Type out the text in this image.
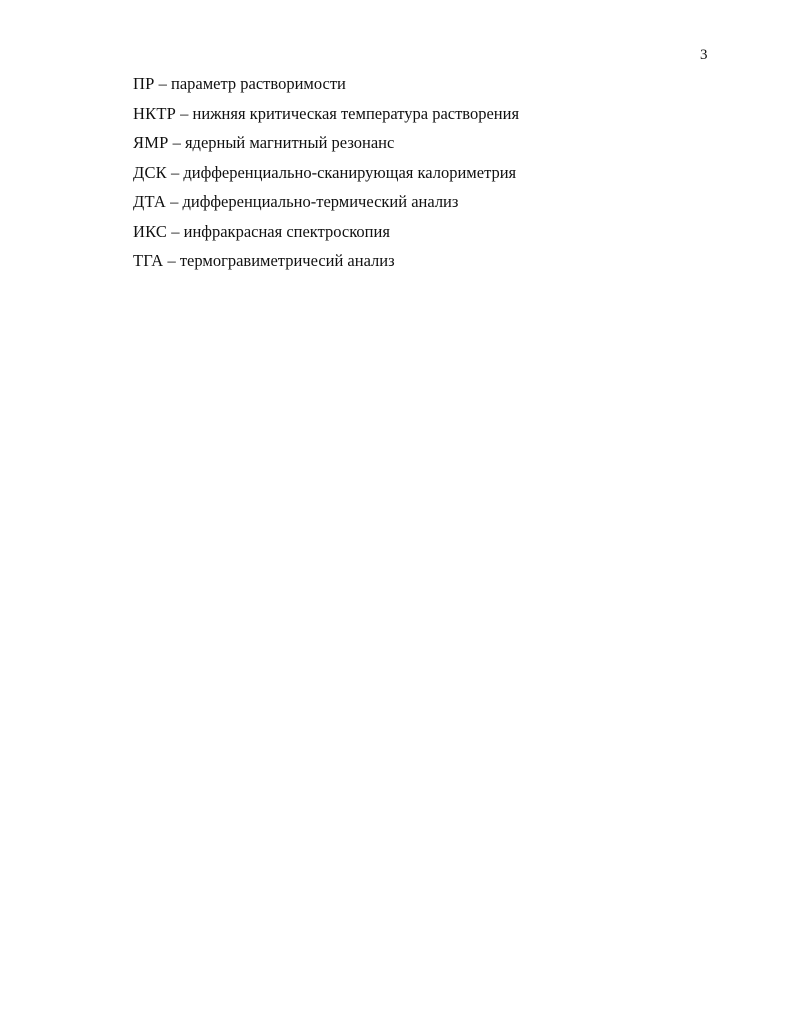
3
ПР – параметр растворимости
НКТР – нижняя критическая температура растворения
ЯМР – ядерный магнитный резонанс
ДСК – дифференциально-сканирующая калориметрия
ДТА – дифференциально-термический анализ
ИКС – инфракрасная спектроскопия
ТГА – термогравиметричесий анализ
